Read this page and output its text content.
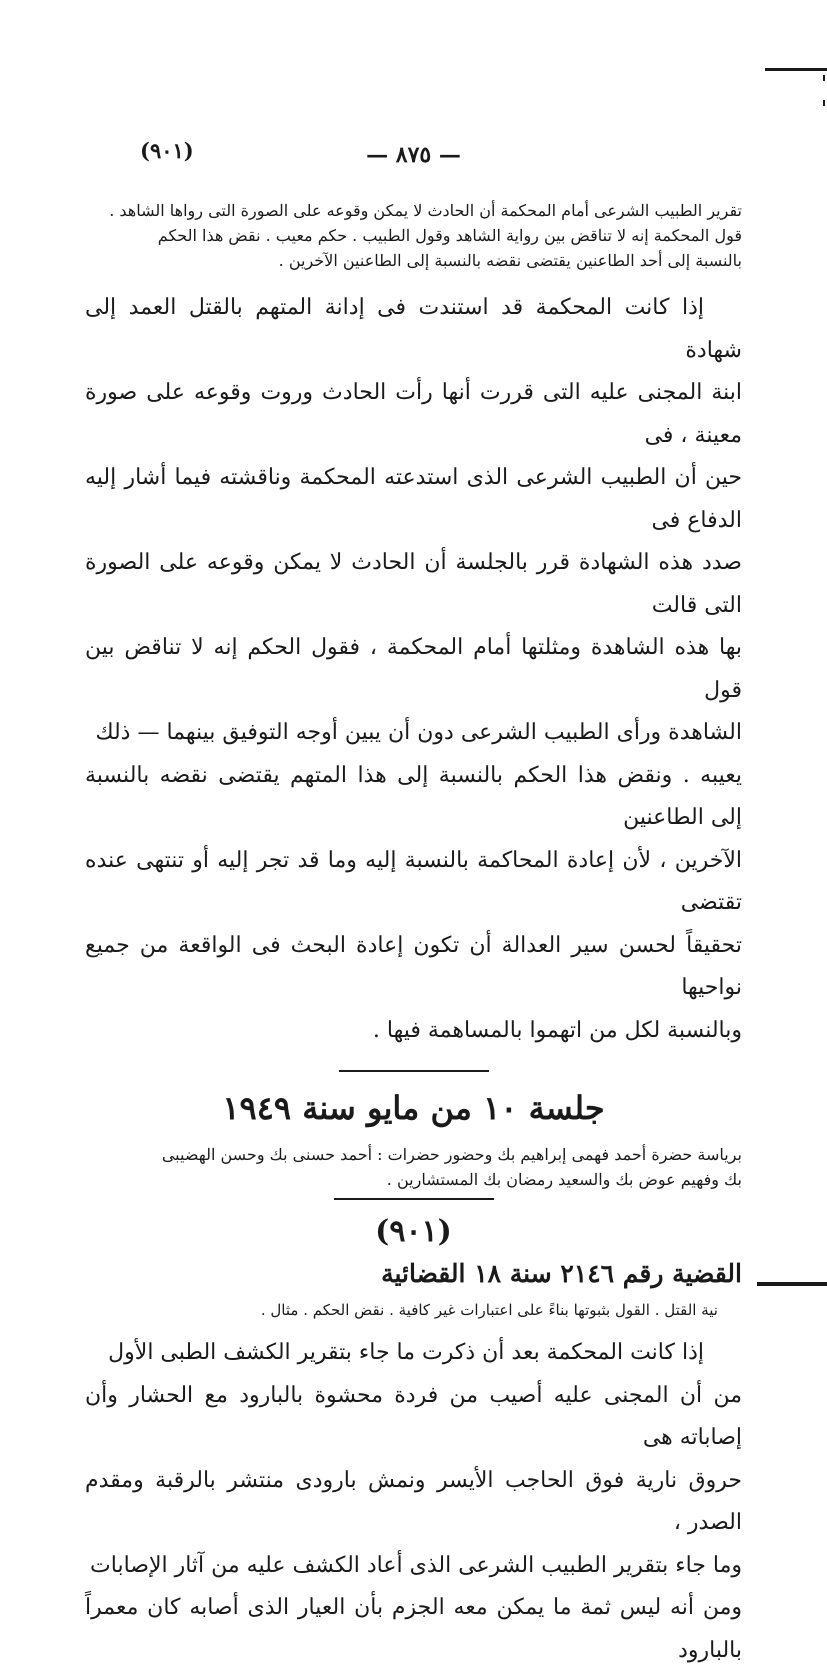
— ٨٧٥ —
(٩٠١)
تقرير الطبيب الشرعى أمام المحكمة أن الحادث لا يمكن وقوعه على الصورة التى رواها الشاهد .
قول المحكمة إنه لا تناقض بين رواية الشاهد وقول الطبيب . حكم معيب . نقض هذا الحكم
بالنسبة إلى أحد الطاعنين يقتضى نقضه بالنسبة إلى الطاعنين الآخرين .
إذا كانت المحكمة قد استندت فى إدانة المتهم بالقتل العمد إلى شهادة
ابنة المجنى عليه التى قررت أنها رأت الحادث وروت وقوعه على صورة معينة ، فى
حين أن الطبيب الشرعى الذى استدعته المحكمة وناقشته فيما أشار إليه الدفاع فى
صدد هذه الشهادة قرر بالجلسة أن الحادث لا يمكن وقوعه على الصورة التى قالت
بها هذه الشاهدة ومثلتها أمام المحكمة ، فقول الحكم إنه لا تناقض بين قول
الشاهدة ورأى الطبيب الشرعى دون أن يبين أوجه التوفيق بينهما — ذلك
يعيبه . ونقض هذا الحكم بالنسبة إلى هذا المتهم يقتضى نقضه بالنسبة إلى الطاعنين
الآخرين ، لأن إعادة المحاكمة بالنسبة إليه وما قد تجر إليه أو تنتهى عنده تقتضى
تحقيقاً لحسن سير العدالة أن تكون إعادة البحث فى الواقعة من جميع نواحيها
وبالنسبة لكل من اتهموا بالمساهمة فيها .
جلسة ١٠ من مايو سنة ١٩٤٩
برياسة حضرة أحمد فهمى إبراهيم بك وحضور حضرات : أحمد حسنى بك وحسن الهضيبى
بك وفهيم عوض بك والسعيد رمضان بك المستشارين .
(٩٠١)
القضية رقم ٢١٤٦ سنة ١٨ القضائية
نية القتل . القول بثبوتها بناءً على اعتبارات غير كافية . نقض الحكم . مثال .
إذا كانت المحكمة بعد أن ذكرت ما جاء بتقرير الكشف الطبى الأول
من أن المجنى عليه أصيب من فردة محشوة بالبارود مع الحشار وأن إصاباته هى
حروق نارية فوق الحاجب الأيسر ونمش بارودى منتشر بالرقبة ومقدم الصدر ،
وما جاء بتقرير الطبيب الشرعى الذى أعاد الكشف عليه من آثار الإصابات
ومن أنه ليس ثمة ما يمكن معه الجزم بأن العيار الذى أصابه كان معمراً بالبارود
